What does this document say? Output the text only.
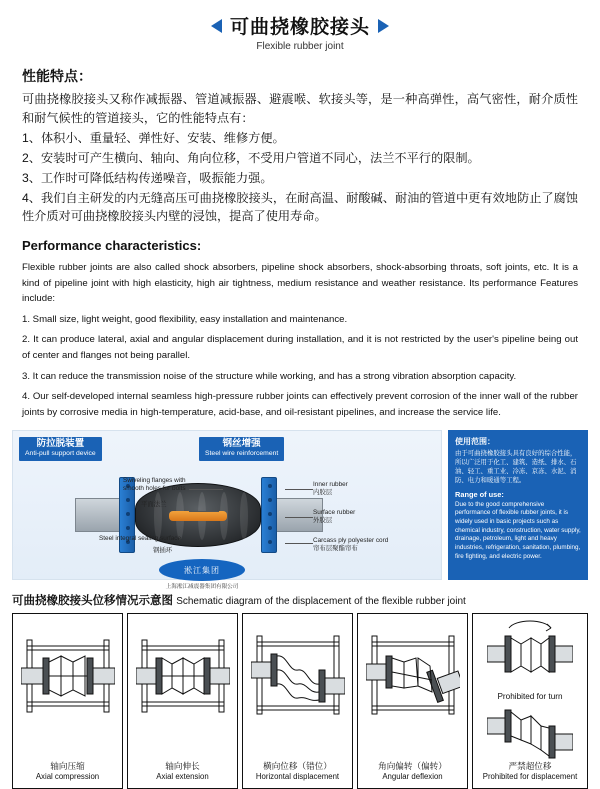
可曲挠橡胶接头
Flexible rubber joint
性能特点：

可曲挠橡胶接头又称作减振器、管道减振器、避震喉、软接头等，是一种高弹性，高气密性，耐介质性和耐气候性的管道接头，它的性能特点有：

1、体积小、重量轻、弹性好、安装、维修方便。

2、安装时可产生横向、轴向、角向位移，不受用户管道不同心，法兰不平行的限制。

3、工作时可降低结构传递噪音，吸振能力强。

4、我们自主研发的内无缝高压可曲挠橡胶接头，在耐高温、耐酸碱、耐油的管道中更有效地防止了腐蚀性介质对可曲挠橡胶接头内壁的浸蚀，提高了使用寿命。

Performance characteristics:

Flexible rubber joints are also called shock absorbers, pipeline shock absorbers, shock-absorbing throats, soft joints, etc. It is a kind of pipeline joint with high elasticity, high air tightness, medium resistance and weather resistance. Its performance Features include:

1. Small size, light weight, good flexibility, easy installation and maintenance.

2. It can produce lateral, axial and angular displacement during installation, and it is not restricted by the user's pipeline being out of center and flanges not being parallel.

3. It can reduce the transmission noise of the structure while working, and has a strong vibration absorption capacity.

4. Our self-developed internal seamless high-pressure rubber joints can effectively prevent corrosion of the inner wall of the rubber joints by corrosive media in high-temperature, acid-base, and oil-resistant pipelines, and increase the service life.

防拉脱装置
Anti-pull support device
钢丝增强
Steel wire reinforcement
淞江集团
上海淞江减震器集团有限公司
Swiveling flanges with
smooth holes for bolts
平面法兰
Steel integral sealing surface
钢插环
Inner rubber
内胶层
Surface rubber
外胶层
Carcass ply polyester cord
帘布层聚酯帘布
使用范围：
由于可曲挠橡胶接头具有良好的综合性能，所以广泛用于化工、建筑、造纸、排水、石油、轻工、重工业、冷冻、京冻、水泥、消防、电力和暖通等工程。
Range of use:
Due to the good comprehensive performance of flexible rubber joints, it is widely used in basic projects such as chemical industry, construction, water supply, drainage, petroleum, light and heavy industries, refrigeration, sanitation, plumbing, fire fighting, and electric power.
可曲挠橡胶接头位移情况示意图 Schematic diagram of the displacement of the flexible rubber joint
轴向压缩
Axial compression
轴向伸长
Axial extension
横向位移（错位）
Horizontal displacement
角向偏转（偏转）
Angular deflexion
Prohibited for turn
严禁超位移
Prohibited for displacement
